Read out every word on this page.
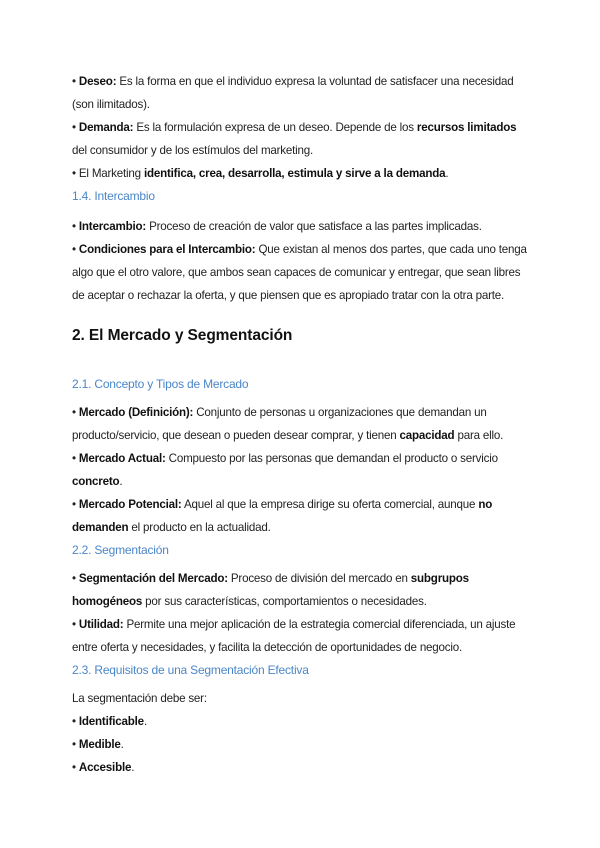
• Deseo: Es la forma en que el individuo expresa la voluntad de satisfacer una necesidad (son ilimitados).

• Demanda: Es la formulación expresa de un deseo. Depende de los recursos limitados del consumidor y de los estímulos del marketing.

• El Marketing identifica, crea, desarrolla, estimula y sirve a la demanda.

1.4. Intercambio

• Intercambio: Proceso de creación de valor que satisface a las partes implicadas.

• Condiciones para el Intercambio: Que existan al menos dos partes, que cada uno tenga algo que el otro valore, que ambos sean capaces de comunicar y entregar, que sean libres de aceptar o rechazar la oferta, y que piensen que es apropiado tratar con la otra parte.

2. El Mercado y Segmentación

2.1. Concepto y Tipos de Mercado

• Mercado (Definición): Conjunto de personas u organizaciones que demandan un producto/servicio, que desean o pueden desear comprar, y tienen capacidad para ello.

• Mercado Actual: Compuesto por las personas que demandan el producto o servicio concreto.

• Mercado Potencial: Aquel al que la empresa dirige su oferta comercial, aunque no demanden el producto en la actualidad.

2.2. Segmentación

• Segmentación del Mercado: Proceso de división del mercado en subgrupos homogéneos por sus características, comportamientos o necesidades.

• Utilidad: Permite una mejor aplicación de la estrategia comercial diferenciada, un ajuste entre oferta y necesidades, y facilita la detección de oportunidades de negocio.

2.3. Requisitos de una Segmentación Efectiva

La segmentación debe ser:

• Identificable.

• Medible.

• Accesible.
